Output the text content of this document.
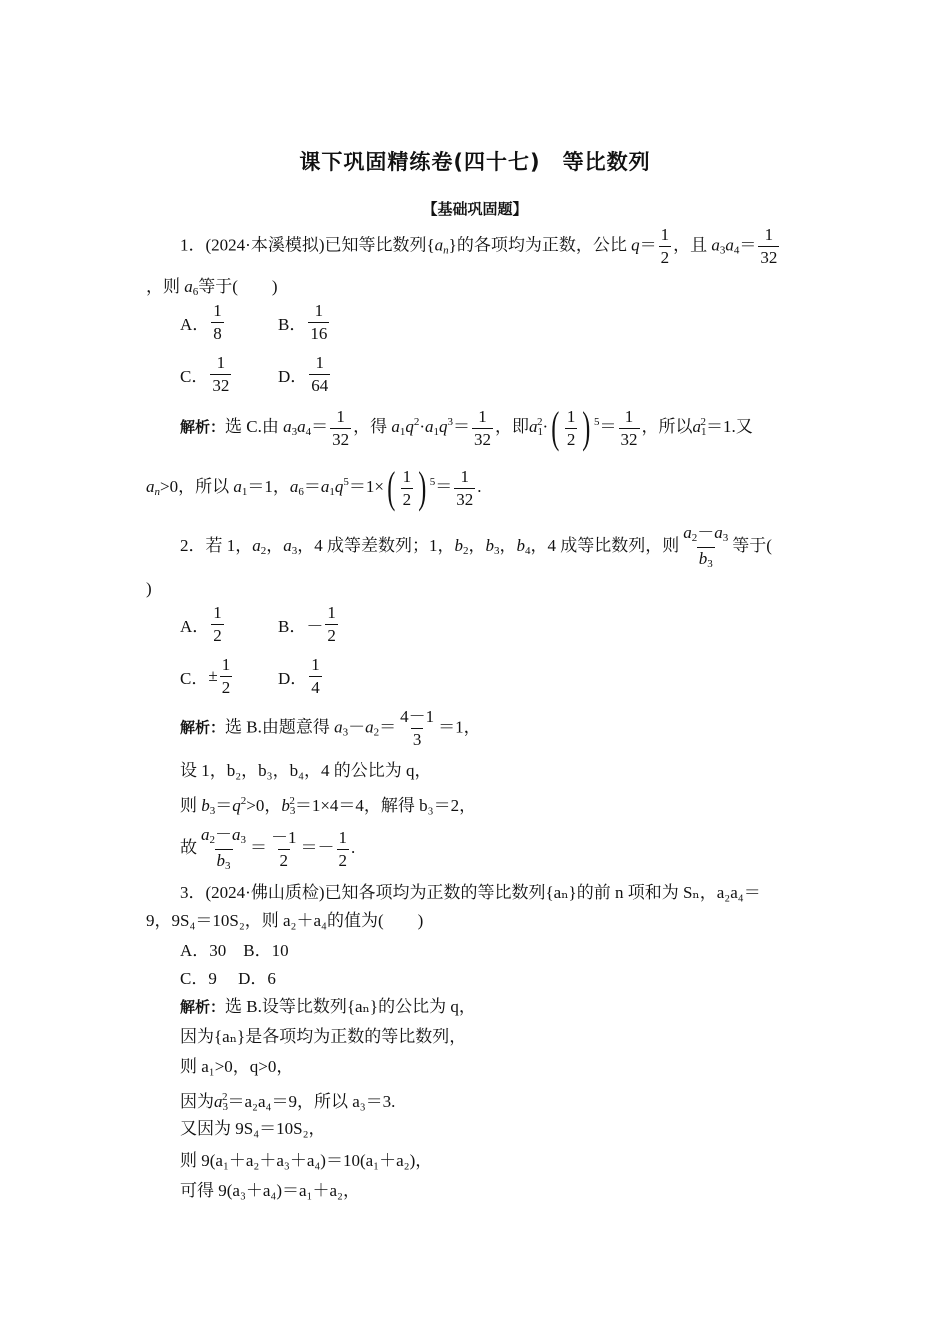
课下巩固精练卷(四十七)　等比数列
【基础巩固题】
1．(2024·本溪模拟)已知等比数列$\{a_n\}$的各项均为正数，公比 $q= \frac{1}{2}$ ，且 $a_3a_4= \frac{1}{32}$
，则 $a_6$等于(　　)
A． $\frac{1}{8}$	B． $\frac{1}{16}$
C． $\frac{1}{32}$	D． $\frac{1}{64}$
解析：选 C.由 $a_3a_4= \frac{1}{32}$ ，得 $a_1q^2\cdot a_1q^3= \frac{1}{32}$ ，即$a_1^2\cdot( \frac{1}{2}$ ) $^5= \frac{1}{32}$ ，所以$a_1^2=1$.又
$a_n>0$，所以 $a_1=1$，$a_6=a_1q^5=1\times( \frac{1}{2}$ ) $^5= \frac{1}{32}$ .
2．若 1，$a_2$，$a_3$，4 成等差数列；1，$b_2$，$b_3$，$b_4$，4 成等比数列，则 $\frac{a_2-a_3}{b_3}$ 等于(
)
A． $\frac{1}{2}$	B．－ $\frac{1}{2}$
C．± $\frac{1}{2}$	D． $\frac{1}{4}$
解析：选 B.由题意得 $a_3-a_2= \frac{4-1}{3} =1$，
设 1，b₂，b₃，b₄，4 的公比为 q，
则 $b_3=q^2>0$，$b_3^2=1\times 4=4$，解得 b₃＝2，
故 $\frac{a_2-a_3}{b_3} = \frac{-1}{2} =- \frac{1}{2}$ .
3．(2024·佛山质检)已知各项均为正数的等比数列{aₙ}的前 n 项和为 Sₙ，a₂a₄＝
9，9S₄＝10S₂，则 a₂＋a₄的值为(　　)
A．30　B．10
C．9　 D．6
解析：选 B.设等比数列{aₙ}的公比为 q，
因为{aₙ}是各项均为正数的等比数列，
则 a₁>0，q>0，
因为$a_3^2=a_2a_4=9$，所以 a₃＝3.
又因为 9S₄＝10S₂，
则 9(a₁＋a₂＋a₃＋a₄)＝10(a₁＋a₂)，
可得 9(a₃＋a₄)＝a₁＋a₂，
